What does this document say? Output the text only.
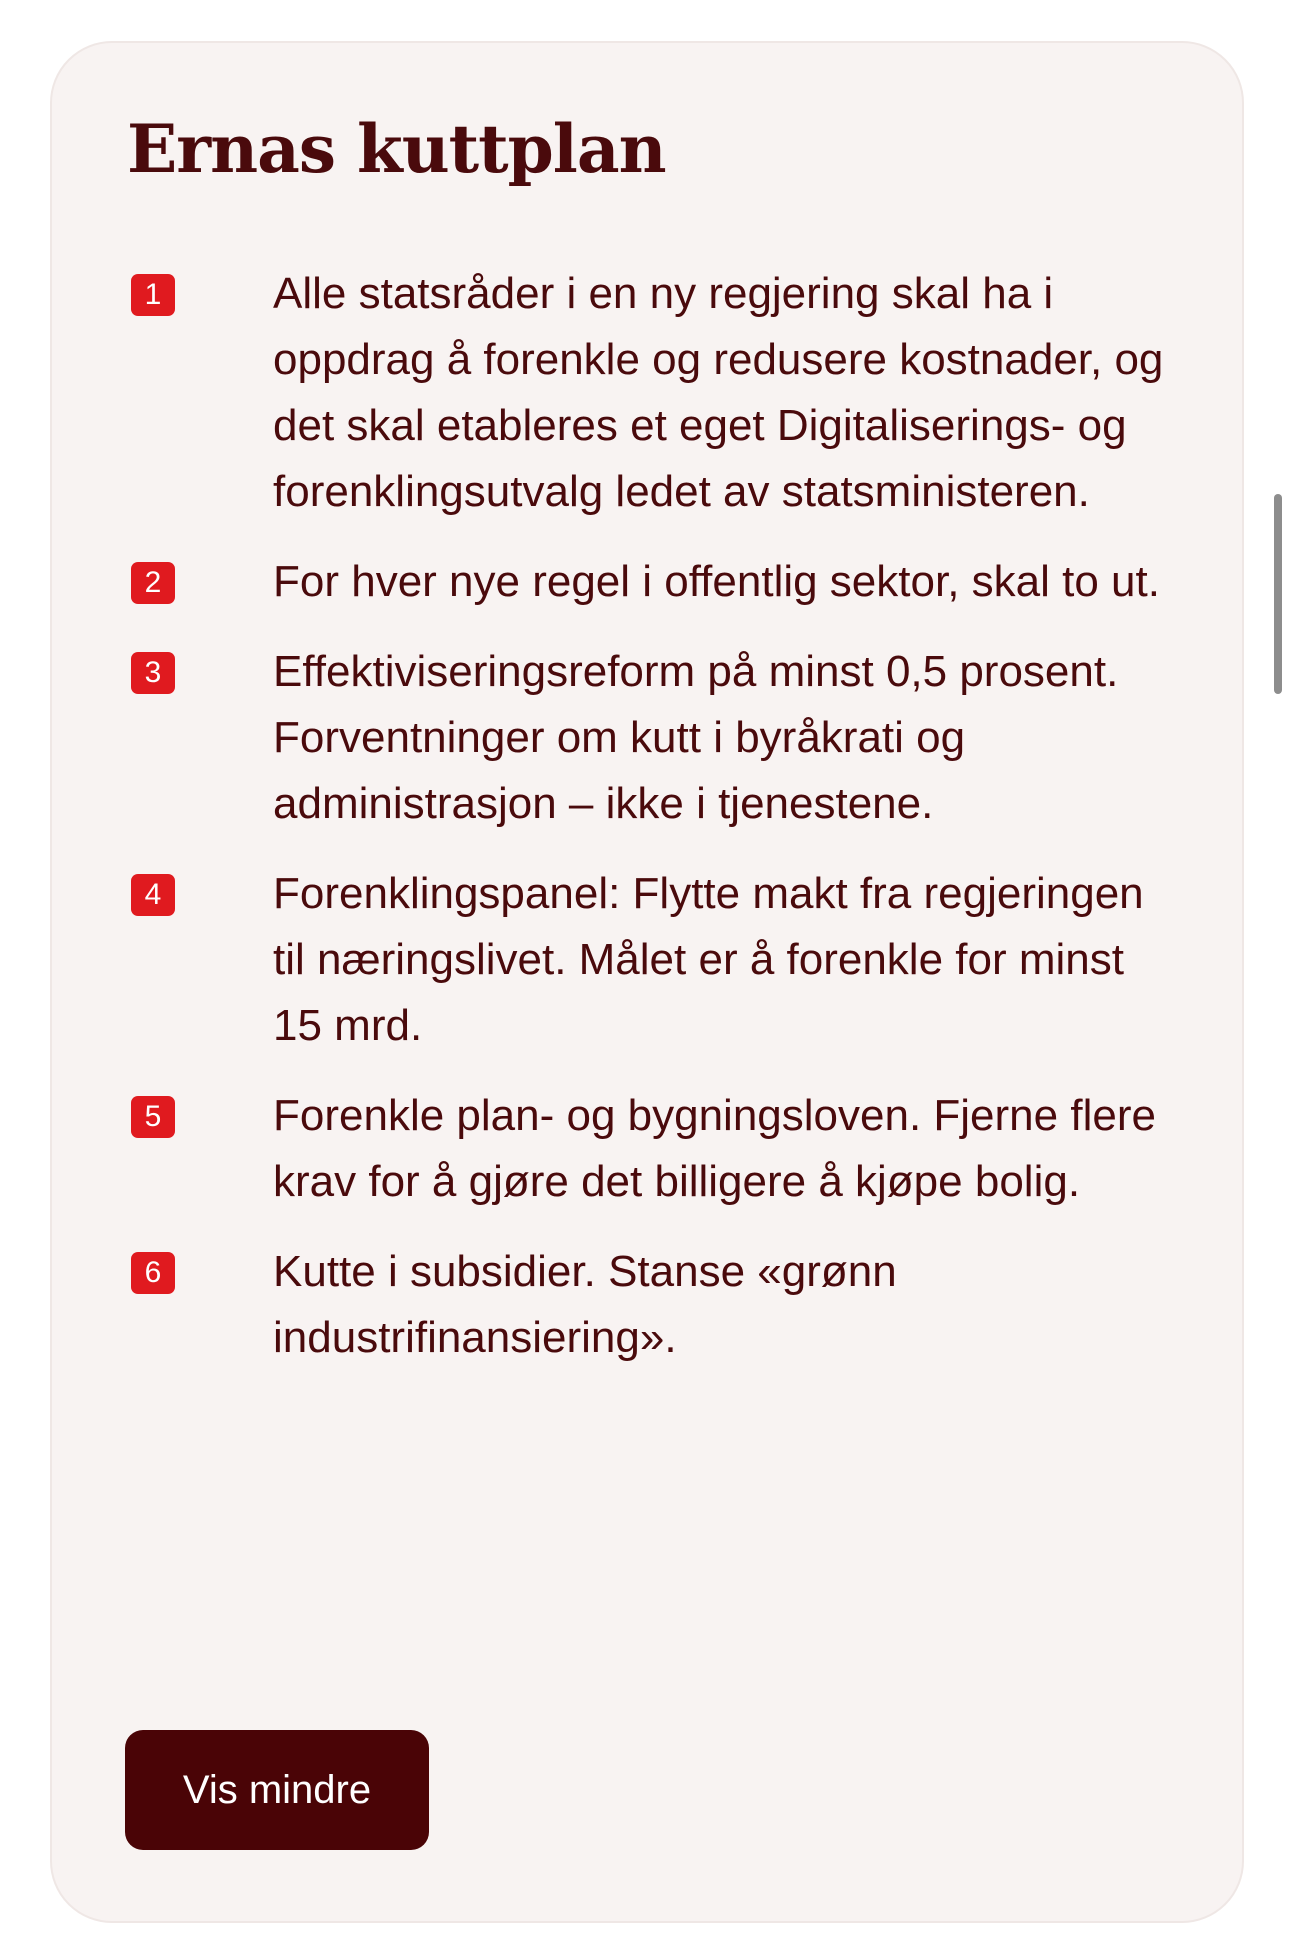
Ernas kuttplan
1	Alle statsråder i en ny regjering skal ha i oppdrag å forenkle og redusere kostnader, og det skal etableres et eget Digitaliserings- og forenklingsutvalg ledet av statsministeren.
2	For hver nye regel i offentlig sektor, skal to ut.
3	Effektiviseringsreform på minst 0,5 prosent. Forventninger om kutt i byråkrati og administrasjon – ikke i tjenestene.
4	Forenklingspanel: Flytte makt fra regjeringen til næringslivet. Målet er å forenkle for minst 15 mrd.
5	Forenkle plan- og bygningsloven. Fjerne flere krav for å gjøre det billigere å kjøpe bolig.
6	Kutte i subsidier. Stanse «grønn industrifinansiering».
Vis mindre
